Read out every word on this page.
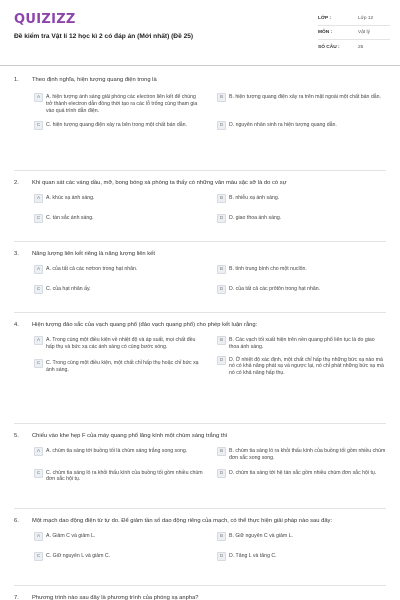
QUIZIZZ
Đề kiểm tra Vật lí 12 học kì 2 có đáp án (Mới nhất) (Đề 25)
LỚP :	Lớp 12
MÔN :	Vật lý
SỐ CÂU :	25
1.	Theo định nghĩa, hiện tượng quang điện trong là
A	A. hiện tượng ánh sáng giải phóng các electron liên kết để chúng trở thành electron dẫn đồng thời tạo ra các lỗ trống cùng tham gia vào quá trình dẫn điện.
B	B. hiện tượng quang điện xảy ra trên mặt ngoài một chất bán dẫn.
C	C. hiện tượng quang điện xảy ra bên trong một chất bán dẫn.	D	D. nguyên nhân sinh ra hiện tượng quang dẫn.
2.	Khi quan sát các váng dầu, mỡ, bong bóng xà phòng ta thấy có những vân màu sặc sỡ là do có sự
A	A. khúc xạ ánh sáng.	B	B. nhiễu xạ ánh sáng.
C	C. tán sắc ánh sáng.	D	D. giao thoa ánh sáng.
3.	Năng lượng liên kết riêng là năng lượng liên kết
A	A. của tất cả các nơtron trong hạt nhân.	B	B. tính trung bình cho một nuclôn.
C	C. của hạt nhân ấy.	D	D. của tất cả các prôtôn trong hạt nhân.
4.	Hiện tượng đảo sắc của vạch quang phổ (đảo vạch quang phổ) cho phép kết luận rằng:
A	A. Trong cùng một điều kiện về nhiệt độ và áp suất, mọi chất đều hấp thụ và bức xạ các ánh sáng có cùng bước sóng.
B	B. Các vạch tối xuất hiện trên nền quang phổ liên tục là do giao thoa ánh sáng.
C	C. Trong cùng một điều kiện, một chất chỉ hấp thụ hoặc chỉ bức xạ ánh sáng.
D	D. Ở nhiệt độ xác định, một chất chỉ hấp thụ những bức xạ nào mà nó có khả năng phát xạ và ngược lại, nó chỉ phát những bức xạ mà nó có khả năng hấp thụ.
5.	Chiếu vào khe hẹp F của máy quang phổ lăng kính một chùm sáng trắng thì
A	A. chùm tia sáng tới buồng tối là chùm sáng trắng song song.	B	B. chùm tia sáng ló ra khỏi thấu kính của buồng tối gồm nhiều chùm đơn sắc song song.
C	C. chùm tia sáng ló ra khỏi thấu kính của buồng tối gồm nhiều chùm đơn sắc hội tụ.
D	D. chùm tia sáng tới hệ tán sắc gồm nhiều chùm đơn sắc hội tụ.
6.	Một mạch dao động điện từ tự do. Để giảm tần số dao động riêng của mạch, có thể thực hiện giải pháp nào sau đây:
A	A. Giảm C và giảm L.	B	B. Giữ nguyên C và giảm L.
C	C. Giữ nguyên L và giảm C.	D	D. Tăng L và tăng C.
7.	Phương trình nào sau đây là phương trình của phóng xạ anpha?
